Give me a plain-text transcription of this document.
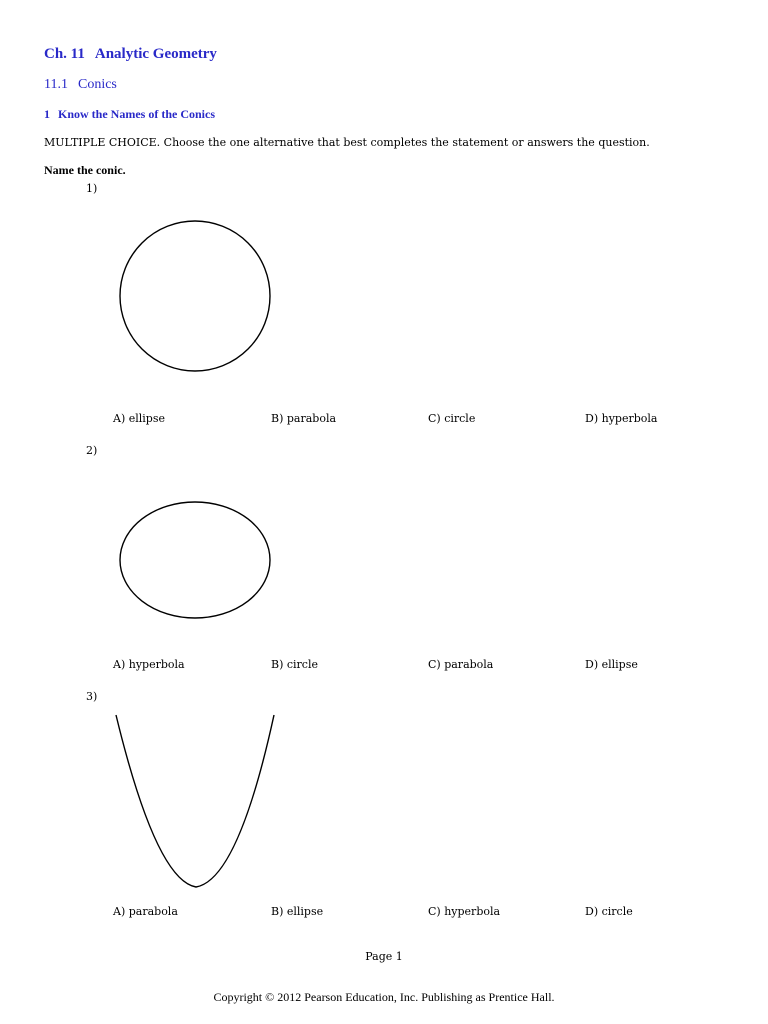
Ch. 11 Analytic Geometry
11.1 Conics
1 Know the Names of the Conics
MULTIPLE CHOICE. Choose the one alternative that best completes the statement or answers the question.
Name the conic.
1)
A) ellipse	B) parabola	C) circle	D) hyperbola
2)
A) hyperbola	B) circle	C) parabola	D) ellipse
3)
A) parabola	B) ellipse	C) hyperbola	D) circle
Page 1
Copyright © 2012 Pearson Education, Inc. Publishing as Prentice Hall.
